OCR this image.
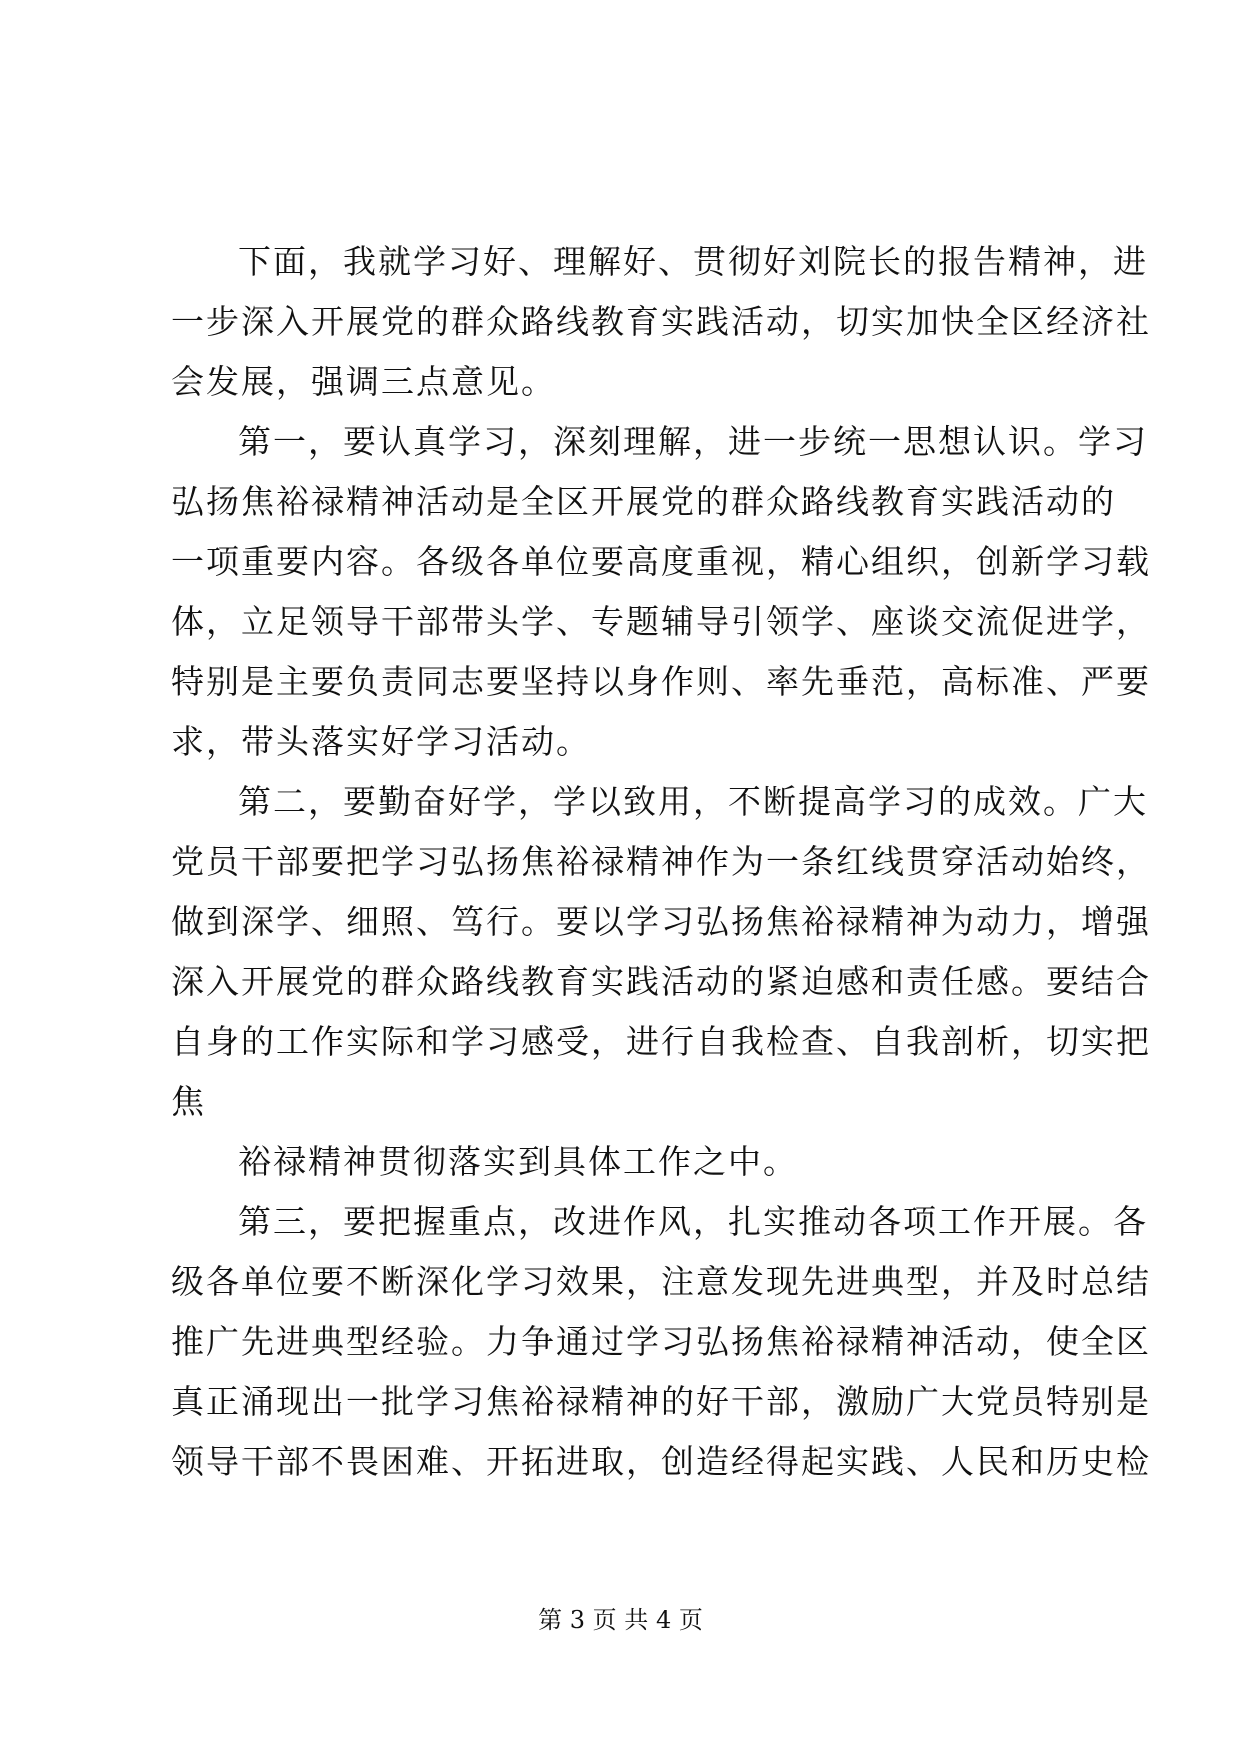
下面，我就学习好、理解好、贯彻好刘院长的报告精神，进
一步深入开展党的群众路线教育实践活动，切实加快全区经济社
会发展，强调三点意见。
第一，要认真学习，深刻理解，进一步统一思想认识。学习
弘扬焦裕禄精神活动是全区开展党的群众路线教育实践活动的
一项重要内容。各级各单位要高度重视，精心组织，创新学习载
体，立足领导干部带头学、专题辅导引领学、座谈交流促进学，
特别是主要负责同志要坚持以身作则、率先垂范，高标准、严要
求，带头落实好学习活动。
第二，要勤奋好学，学以致用，不断提高学习的成效。广大
党员干部要把学习弘扬焦裕禄精神作为一条红线贯穿活动始终，
做到深学、细照、笃行。要以学习弘扬焦裕禄精神为动力，增强
深入开展党的群众路线教育实践活动的紧迫感和责任感。要结合
自身的工作实际和学习感受，进行自我检查、自我剖析，切实把
焦
裕禄精神贯彻落实到具体工作之中。
第三，要把握重点，改进作风，扎实推动各项工作开展。各
级各单位要不断深化学习效果，注意发现先进典型，并及时总结
推广先进典型经验。力争通过学习弘扬焦裕禄精神活动，使全区
真正涌现出一批学习焦裕禄精神的好干部，激励广大党员特别是
领导干部不畏困难、开拓进取，创造经得起实践、人民和历史检
第 3 页 共 4 页
